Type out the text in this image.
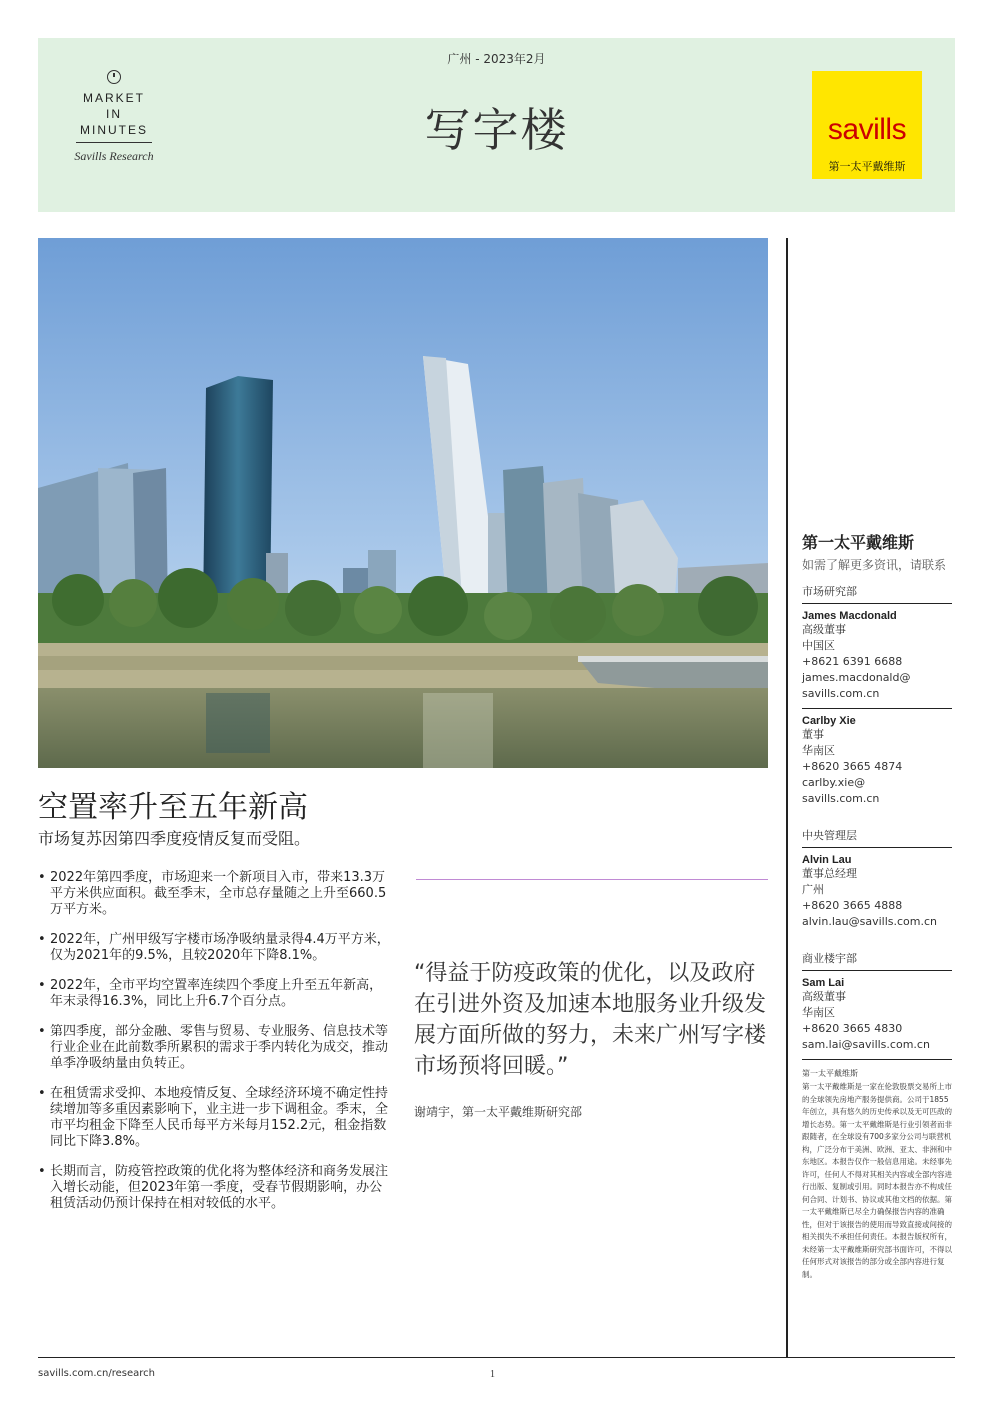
MARKET
IN
MINUTES
Savills Research
广州 - 2023年2月
写字楼	savills
第一太平戴维斯
空置率升至五年新高
市场复苏因第四季度疫情反复而受阻。
• 2022年第四季度，市场迎来一个新项目入市，带来13.3万平方米供应面积。截至季末，全市总存量随之上升至660.5万平方米。
• 2022年，广州甲级写字楼市场净吸纳量录得4.4万平方米，仅为2021年的9.5%，且较2020年下降8.1%。
• 2022年，全市平均空置率连续四个季度上升至五年新高，年末录得16.3%，同比上升6.7个百分点。
• 第四季度，部分金融、零售与贸易、专业服务、信息技术等行业企业在此前数季所累积的需求于季内转化为成交，推动单季净吸纳量由负转正。
• 在租赁需求受抑、本地疫情反复、全球经济环境不确定性持续增加等多重因素影响下，业主进一步下调租金。季末，全市平均租金下降至人民币每平方米每月152.2元，租金指数同比下降3.8%。
• 长期而言，防疫管控政策的优化将为整体经济和商务发展注入增长动能，但2023年第一季度，受春节假期影响，办公租赁活动仍预计保持在相对较低的水平。
“得益于防疫政策的优化，以及政府在引进外资及加速本地服务业升级发展方面所做的努力，未来广州写字楼市场预将回暖。”
谢靖宇，第一太平戴维斯研究部
第一太平戴维斯
如需了解更多资讯，请联系
市场研究部
James Macdonald
高级董事
中国区
+8621 6391 6688
james.macdonald@
savills.com.cn
Carlby Xie
董事
华南区
+8620 3665 4874
carlby.xie@
savills.com.cn
中央管理层
Alvin Lau
董事总经理
广州
+8620 3665 4888
alvin.lau@savills.com.cn
商业楼宇部
Sam Lai
高级董事
华南区
+8620 3665 4830
sam.lai@savills.com.cn
第一太平戴维斯
第一太平戴维斯是一家在伦敦股票交易所上市的全球领先房地产服务提供商。公司于1855年创立，具有悠久的历史传承以及无可匹敌的增长态势。第一太平戴维斯是行业引领者而非跟随者，在全球设有700多家分公司与联营机构，广泛分布于美洲、欧洲、亚太、非洲和中东地区。本报告仅作一般信息用途。未经事先许可，任何人不得对其相关内容或全部内容进行出版、复制或引用。同时本报告亦不构成任何合同、计划书、协议或其他文档的依据。第一太平戴维斯已尽全力确保报告内容的准确性，但对于该报告的使用而导致直接或间接的相关损失不承担任何责任。本报告版权所有，未经第一太平戴维斯研究部书面许可，不得以任何形式对该报告的部分或全部内容进行复制。
savills.com.cn/research	1
